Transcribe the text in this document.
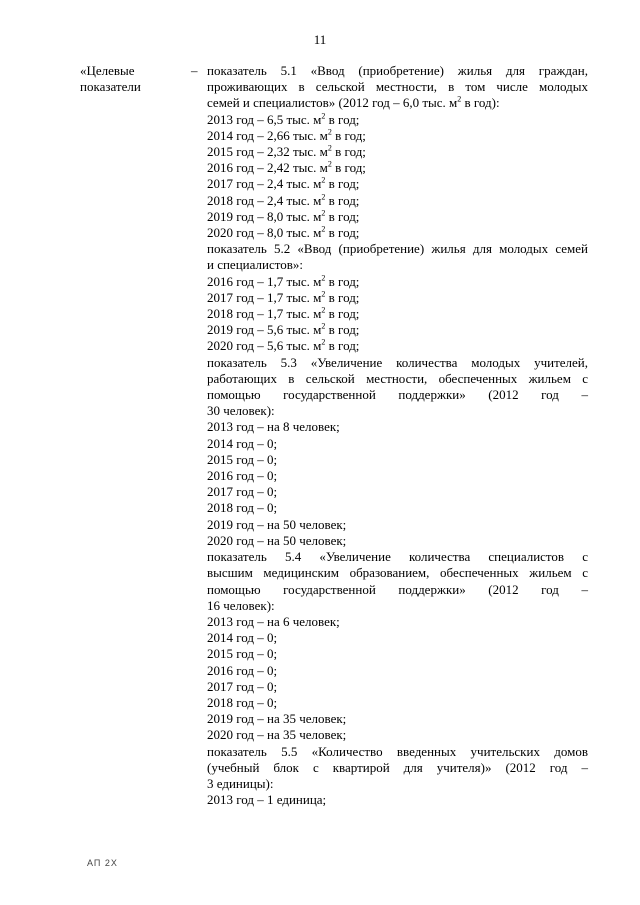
11
«Целевые
показатели
– показатель 5.1 «Ввод (приобретение) жилья для граждан,

проживающих в сельской местности, в том числе молодых

семей и специалистов» (2012 год – 6,0 тыс. $м^2$ в год):

2013 год – 6,5 тыс. $м^2$ в год;

2014 год – 2,66 тыс. $м^2$ в год;

2015 год – 2,32 тыс. $м^2$ в год;

2016 год – 2,42 тыс. $м^2$ в год;

2017 год – 2,4 тыс. $м^2$ в год;

2018 год – 2,4 тыс. $м^2$ в год;

2019 год – 8,0 тыс. $м^2$ в год;

2020 год – 8,0 тыс. $м^2$ в год;

показатель 5.2 «Ввод (приобретение) жилья для молодых семей

и специалистов»:

2016 год – 1,7 тыс. $м^2$ в год;

2017 год – 1,7 тыс. $м^2$ в год;

2018 год – 1,7 тыс. $м^2$ в год;

2019 год – 5,6 тыс. $м^2$ в год;

2020 год – 5,6 тыс. $м^2$ в год;

показатель 5.3 «Увеличение количества молодых учителей,

работающих в сельской местности, обеспеченных жильем с

помощью государственной поддержки» (2012 год –

30 человек):

2013 год – на 8 человек;

2014 год – 0;

2015 год – 0;

2016 год – 0;

2017 год – 0;

2018 год – 0;

2019 год – на 50 человек;

2020 год – на 50 человек;

показатель 5.4 «Увеличение количества специалистов с

высшим медицинским образованием, обеспеченных жильем с

помощью государственной поддержки» (2012 год –

16 человек):

2013 год – на 6 человек;

2014 год – 0;

2015 год – 0;

2016 год – 0;

2017 год – 0;

2018 год – 0;

2019 год – на 35 человек;

2020 год – на 35 человек;

показатель 5.5 «Количество введенных учительских домов

(учебный блок с квартирой для учителя)» (2012 год –

3 единицы):

2013 год – 1 единица;

АП 2Х
